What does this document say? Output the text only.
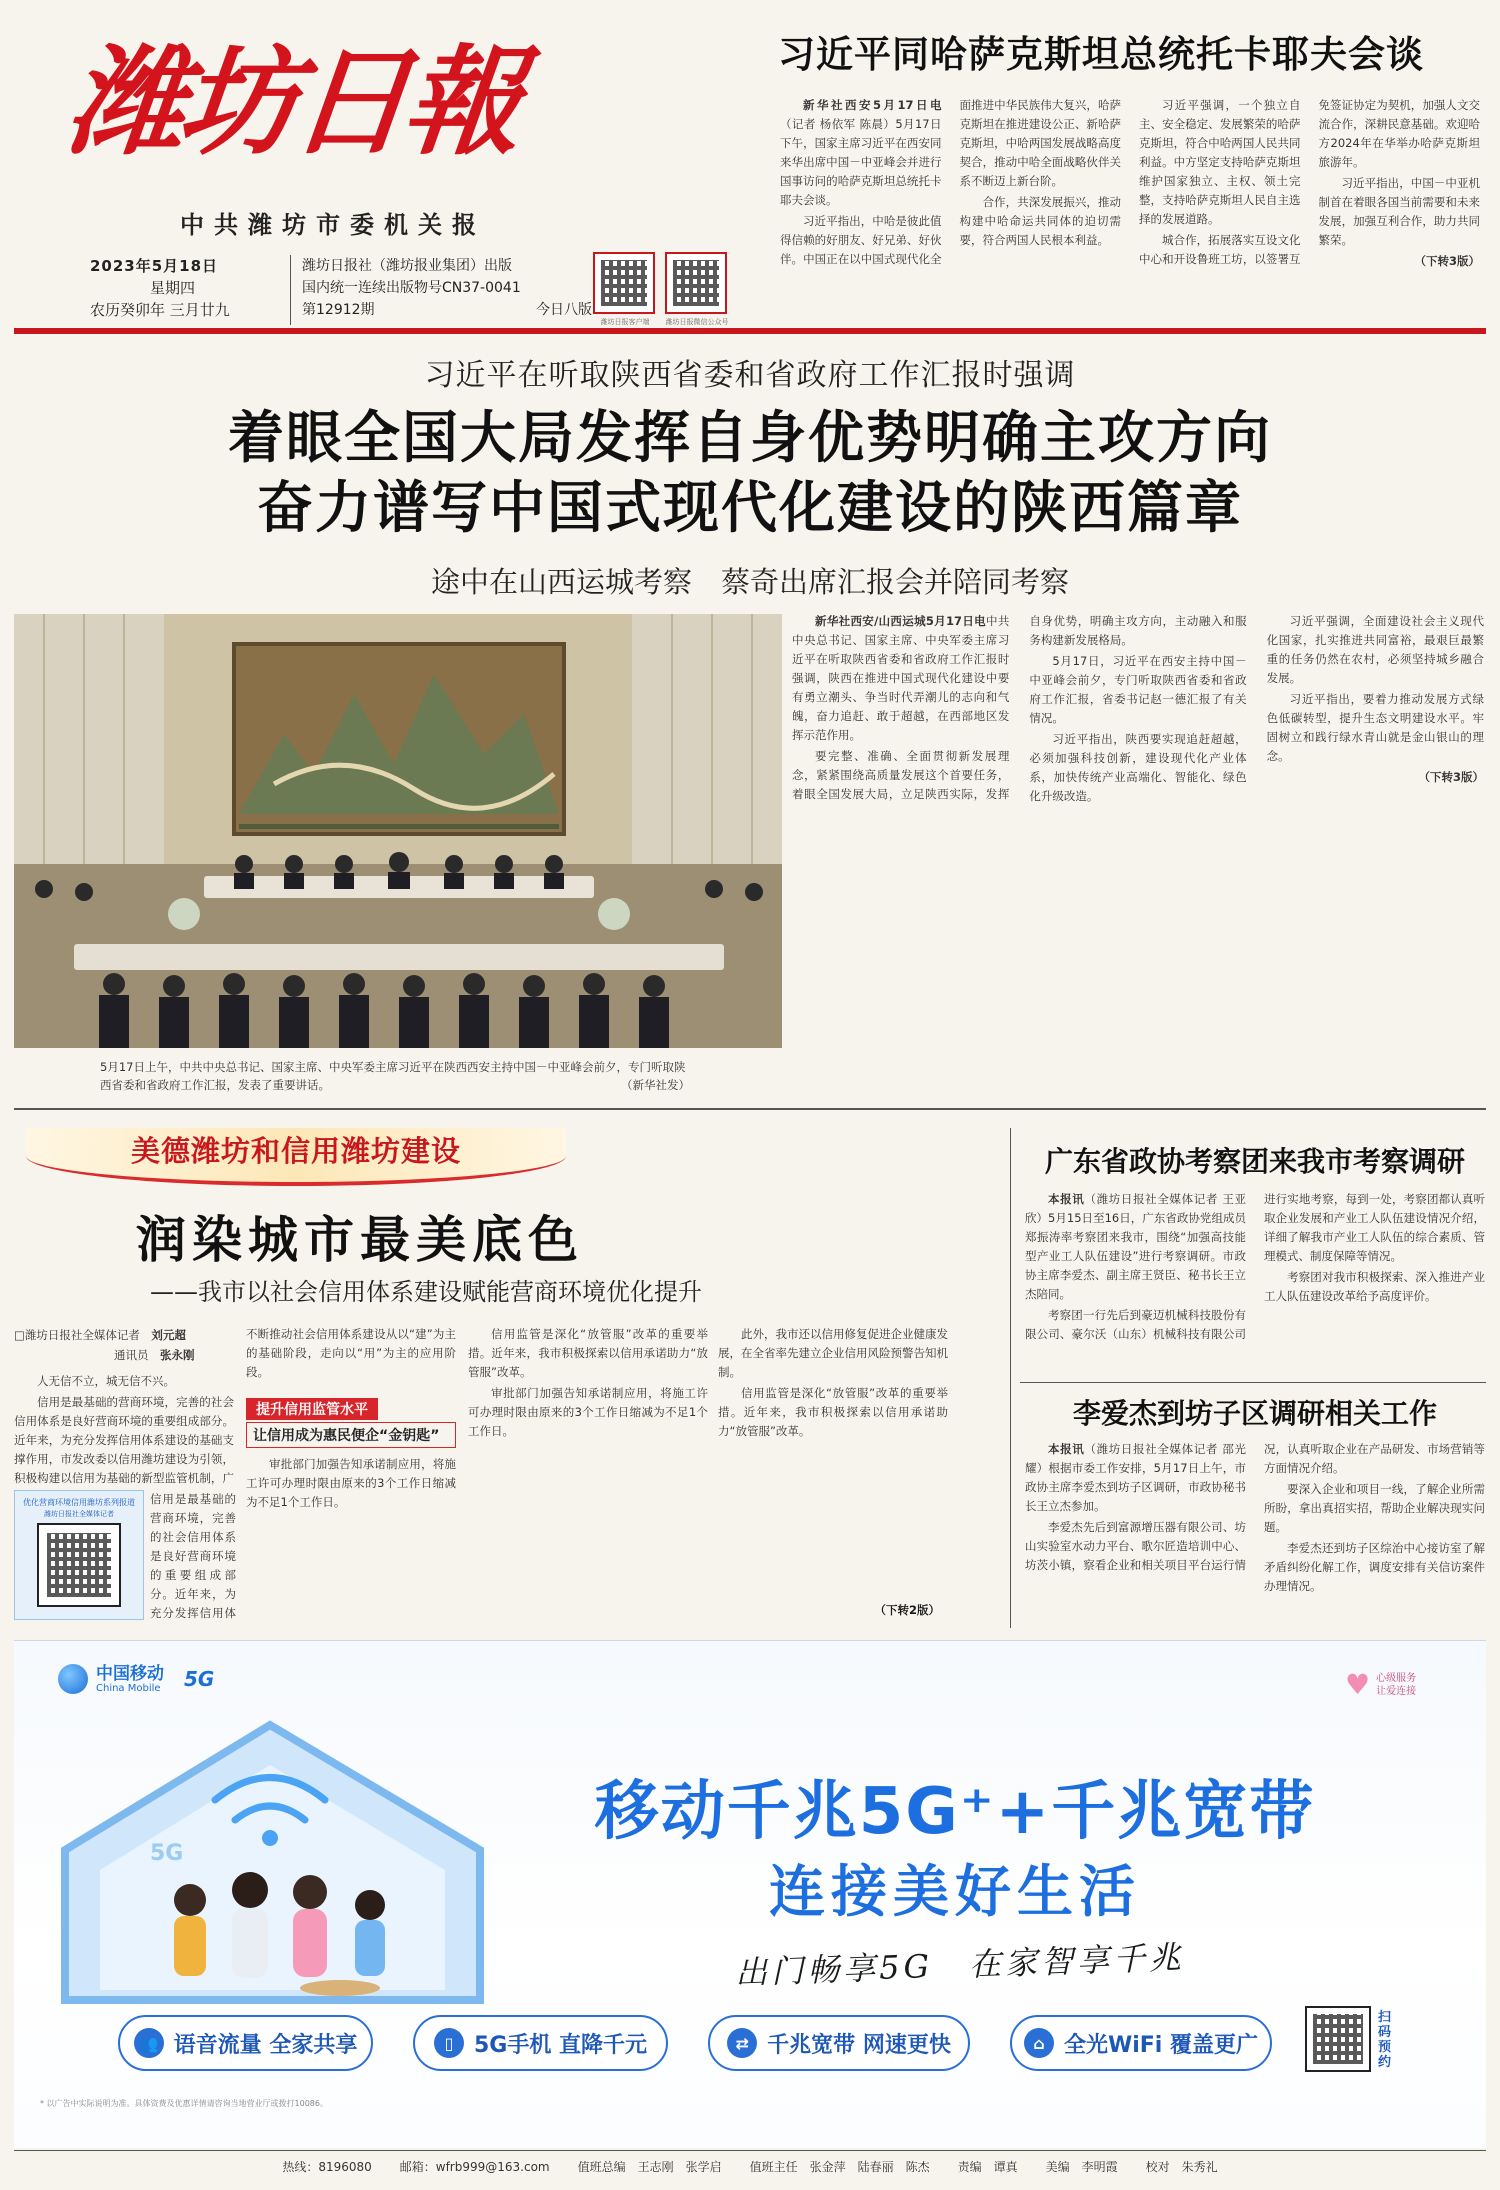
潍坊日報
中共潍坊市委机关报
2023年5月18日
星期四
农历癸卯年 三月廿九
潍坊日报社（潍坊报业集团）出版
国内统一连续出版物号CN37-0041
第12912期	今日八版
潍坊日报客户端	潍坊日报微信公众号
习近平同哈萨克斯坦总统托卡耶夫会谈

新华社西安5月17日电（记者 杨依军 陈晨）5月17日下午，国家主席习近平在西安同来华出席中国－中亚峰会并进行国事访问的哈萨克斯坦总统托卡耶夫会谈。

习近平指出，中哈是彼此值得信赖的好朋友、好兄弟、好伙伴。中国正在以中国式现代化全面推进中华民族伟大复兴，哈萨克斯坦在推进建设公正、新哈萨克斯坦，中哈两国发展战略高度契合，推动中哈全面战略伙伴关系不断迈上新台阶。

合作，共深发展振兴，推动构建中哈命运共同体的迫切需要，符合两国人民根本利益。

习近平强调，一个独立自主、安全稳定、发展繁荣的哈萨克斯坦，符合中哈两国人民共同利益。中方坚定支持哈萨克斯坦维护国家独立、主权、领土完整，支持哈萨克斯坦人民自主选择的发展道路。

城合作，拓展落实互设文化中心和开设鲁班工坊，以签署互免签证协定为契机，加强人文交流合作，深耕民意基础。欢迎哈方2024年在华举办哈萨克斯坦旅游年。

习近平指出，中国－中亚机制首在着眼各国当前需要和未来发展，加强互利合作，助力共同繁荣。

（下转3版）

习近平在听取陕西省委和省政府工作汇报时强调
着眼全国大局发挥自身优势明确主攻方向
奋力谱写中国式现代化建设的陕西篇章
途中在山西运城考察　蔡奇出席汇报会并陪同考察
5月17日上午，中共中央总书记、国家主席、中央军委主席习近平在陕西西安主持中国－中亚峰会前夕，专门听取陕西省委和省政府工作汇报，发表了重要讲话。	（新华社发）

新华社西安/山西运城5月17日电中共中央总书记、国家主席、中央军委主席习近平在听取陕西省委和省政府工作汇报时强调，陕西在推进中国式现代化建设中要有勇立潮头、争当时代弄潮儿的志向和气魄，奋力追赶、敢于超越，在西部地区发挥示范作用。

要完整、准确、全面贯彻新发展理念，紧紧围绕高质量发展这个首要任务，着眼全国发展大局，立足陕西实际，发挥自身优势，明确主攻方向，主动融入和服务构建新发展格局。

5月17日，习近平在西安主持中国－中亚峰会前夕，专门听取陕西省委和省政府工作汇报，省委书记赵一德汇报了有关情况。

习近平指出，陕西要实现追赶超越，必须加强科技创新，建设现代化产业体系，加快传统产业高端化、智能化、绿色化升级改造。

习近平强调，全面建设社会主义现代化国家，扎实推进共同富裕，最艰巨最繁重的任务仍然在农村，必须坚持城乡融合发展。

习近平指出，要着力推动发展方式绿色低碳转型，提升生态文明建设水平。牢固树立和践行绿水青山就是金山银山的理念。

（下转3版）

美德潍坊和信用潍坊建设
润染城市最美底色
——我市以社会信用体系建设赋能营商环境优化提升
□潍坊日报社全媒体记者　 刘元超
通讯员　 张永刚

人无信不立，城无信不兴。

信用是最基础的营商环境，完善的社会信用体系是良好营商环境的重要组成部分。近年来，为充分发挥信用体系建设的基础支撑作用，市发改委以信用潍坊建设为引领，积极构建以信用为基础的新型监管机制，广

优化营商环境信用潍坊系列报道
潍坊日报社全媒体记者

信用是最基础的营商环境，完善的社会信用体系是良好营商环境的重要组成部分。近年来，为充分发挥信用体

不断推动社会信用体系建设从以“建”为主的基础阶段，走向以“用”为主的应用阶段。

提升信用监管水平
让信用成为惠民便企“金钥匙”

审批部门加强告知承诺制应用，将施工许可办理时限由原来的3个工作日缩减为不足1个工作日。

信用监管是深化“放管服”改革的重要举措。近年来，我市积极探索以信用承诺助力“放管服”改革。

审批部门加强告知承诺制应用，将施工许可办理时限由原来的3个工作日缩减为不足1个工作日。

此外，我市还以信用修复促进企业健康发展，在全省率先建立企业信用风险预警告知机制。

信用监管是深化“放管服”改革的重要举措。近年来，我市积极探索以信用承诺助力“放管服”改革。

（下转2版）
广东省政协考察团来我市考察调研

本报讯（潍坊日报社全媒体记者 王亚欣）5月15日至16日，广东省政协党组成员郑振涛率考察团来我市，围绕“加强高技能型产业工人队伍建设”进行考察调研。市政协主席李爱杰、副主席王贤臣、秘书长王立杰陪同。

考察团一行先后到豪迈机械科技股份有限公司、豪尔沃（山东）机械科技有限公司进行实地考察，每到一处，考察团都认真听取企业发展和产业工人队伍建设情况介绍，详细了解我市产业工人队伍的综合素质、管理模式、制度保障等情况。

考察团对我市积极探索、深入推进产业工人队伍建设改革给予高度评价。

李爱杰到坊子区调研相关工作

本报讯（潍坊日报社全媒体记者 邵光耀）根据市委工作安排，5月17日上午，市政协主席李爱杰到坊子区调研，市政协秘书长王立杰参加。

李爱杰先后到富源增压器有限公司、坊山实验室水动力平台、歌尔匠造培训中心、坊茨小镇，察看企业和相关项目平台运行情况，认真听取企业在产品研发、市场营销等方面情况介绍。

要深入企业和项目一线，了解企业所需所盼，拿出真招实招，帮助企业解决现实问题。

李爱杰还到坊子区综治中心接访室了解矛盾纠纷化解工作，调度安排有关信访案件办理情况。

中国移动
China Mobile 5G	♥ 心级服务
让爱连接
5G
移动千兆5G⁺+千兆宽带
连接美好生活
出门畅享5G　在家智享千兆
👥 语音流量 全家共享	▯ 5G手机 直降千元	⇄ 千兆宽带 网速更快	⌂ 全光WiFi 覆盖更广
扫码预约
* 以广告中实际说明为准。具体资费及优惠详情请咨询当地营业厅或拨打10086。
热线：8196080 邮箱：wfrb999@163.com 值班总编　王志刚　张学启 值班主任　张金萍　陆春丽　陈杰 责编　谭真 美编　李明霞 校对　朱秀礼
